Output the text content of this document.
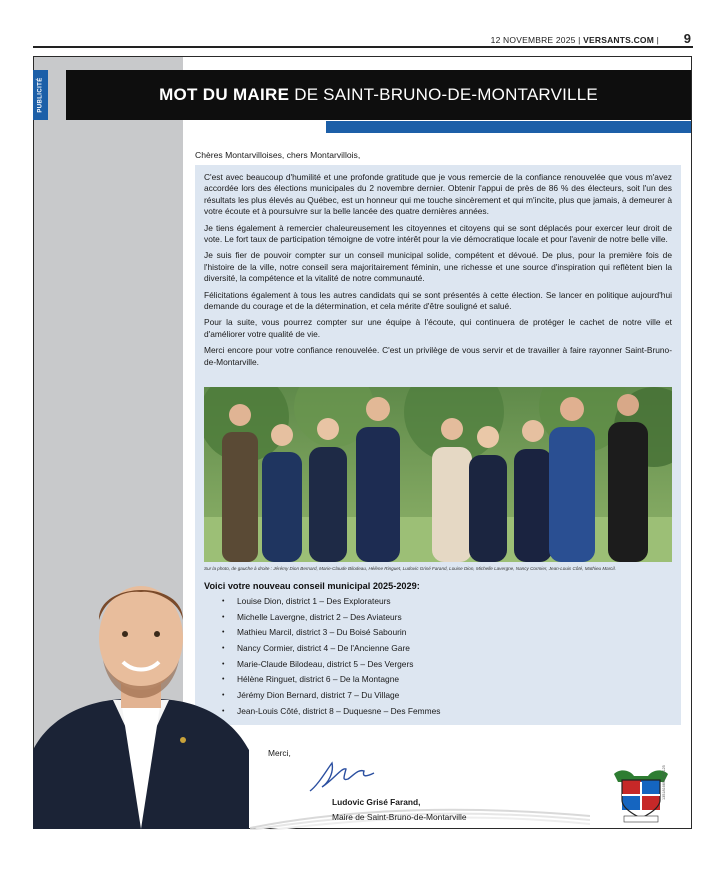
12 NOVEMBRE 2025 | VERSANTS.COM | 9
PUBLICITÉ	MOT DU MAIRE DE SAINT-BRUNO-DE-MONTARVILLE
Chères Montarvilloises, chers Montarvillois,

C'est avec beaucoup d'humilité et une profonde gratitude que je vous remercie de la confiance renouvelée que vous m'avez accordée lors des élections municipales du 2 novembre dernier. Obtenir l'appui de près de 86 % des électeurs, soit l'un des résultats les plus élevés au Québec, est un honneur qui me touche sincèrement et qui m'incite, plus que jamais, à demeurer à votre écoute et à poursuivre sur la belle lancée des quatre dernières années.

Je tiens également à remercier chaleureusement les citoyennes et citoyens qui se sont déplacés pour exercer leur droit de vote. Le fort taux de participation témoigne de votre intérêt pour la vie démocratique locale et pour l'avenir de notre belle ville.

Je suis fier de pouvoir compter sur un conseil municipal solide, compétent et dévoué. De plus, pour la première fois de l'histoire de la ville, notre conseil sera majoritairement féminin, une richesse et une source d'inspiration qui reflètent bien la diversité, la compétence et la vitalité de notre communauté.

Félicitations également à tous les autres candidats qui se sont présentés à cette élection. Se lancer en politique aujourd'hui demande du courage et de la détermination, et cela mérite d'être souligné et salué.

Pour la suite, vous pourrez compter sur une équipe à l'écoute, qui continuera de protéger le cachet de notre ville et d'améliorer votre qualité de vie.

Merci encore pour votre confiance renouvelée. C'est un privilège de vous servir et de travailler à faire rayonner Saint-Bruno-de-Montarville.

Sur la photo, de gauche à droite : Jérémy Dion Bernard, Marie-Claude Bilodeau, Hélène Ringuet, Ludovic Grisé Farand, Louise Dion, Michelle Lavergne, Nancy Cormier, Jean-Louis Côté, Mathieu Marcil.
Voici votre nouveau conseil municipal 2025-2029:
•	Louise Dion, district 1 – Des Explorateurs
•	Michelle Lavergne, district 2 – Des Aviateurs
•	Mathieu Marcil, district 3 – Du Boisé Sabourin
•	Nancy Cormier, district 4 – De l'Ancienne Gare
•	Marie-Claude Bilodeau, district 5 – Des Vergers
•	Hélène Ringuet, district 6 – De la Montagne
•	Jérémy Dion Bernard, district 7 – Du Village
•	Jean-Louis Côté, district 8 – Duquesne – Des Femmes
Merci,
Ludovic Grisé Farand,
Maire de Saint-Bruno-de-Montarville
1351816690-271125
